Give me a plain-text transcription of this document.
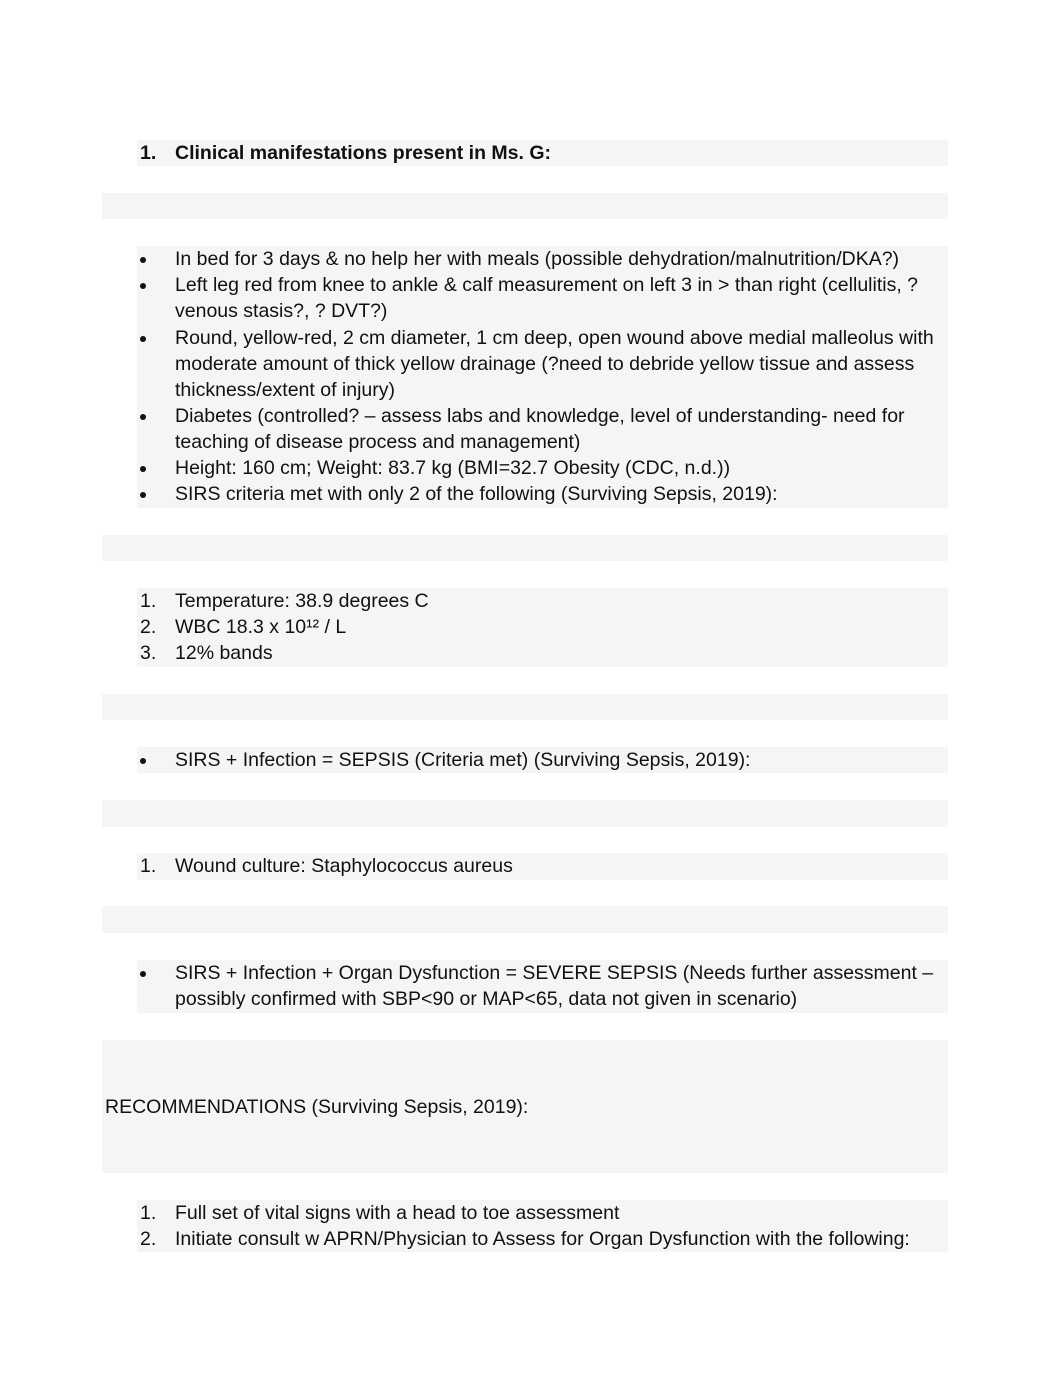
1. Clinical manifestations present in Ms. G:
In bed for 3 days & no help her with meals (possible dehydration/malnutrition/DKA?)
Left leg red from knee to ankle & calf measurement on left 3 in > than right (cellulitis, ?
venous stasis?, ? DVT?)
Round, yellow-red, 2 cm diameter, 1 cm deep, open wound above medial malleolus with
moderate amount of thick yellow drainage (?need to debride yellow tissue and assess
thickness/extent of injury)
Diabetes (controlled? – assess labs and knowledge, level of understanding- need for
teaching of disease process and management)
Height: 160 cm; Weight: 83.7 kg (BMI=32.7 Obesity (CDC, n.d.))
SIRS criteria met with only 2 of the following (Surviving Sepsis, 2019):
1. Temperature: 38.9 degrees C
2. WBC 18.3 x 10¹² / L
3. 12% bands
SIRS + Infection = SEPSIS (Criteria met) (Surviving Sepsis, 2019):
1. Wound culture: Staphylococcus aureus
SIRS + Infection + Organ Dysfunction = SEVERE SEPSIS (Needs further assessment –
possibly confirmed with SBP<90 or MAP<65, data not given in scenario)
RECOMMENDATIONS (Surviving Sepsis, 2019):
1. Full set of vital signs with a head to toe assessment
2. Initiate consult w APRN/Physician to Assess for Organ Dysfunction with the following:
